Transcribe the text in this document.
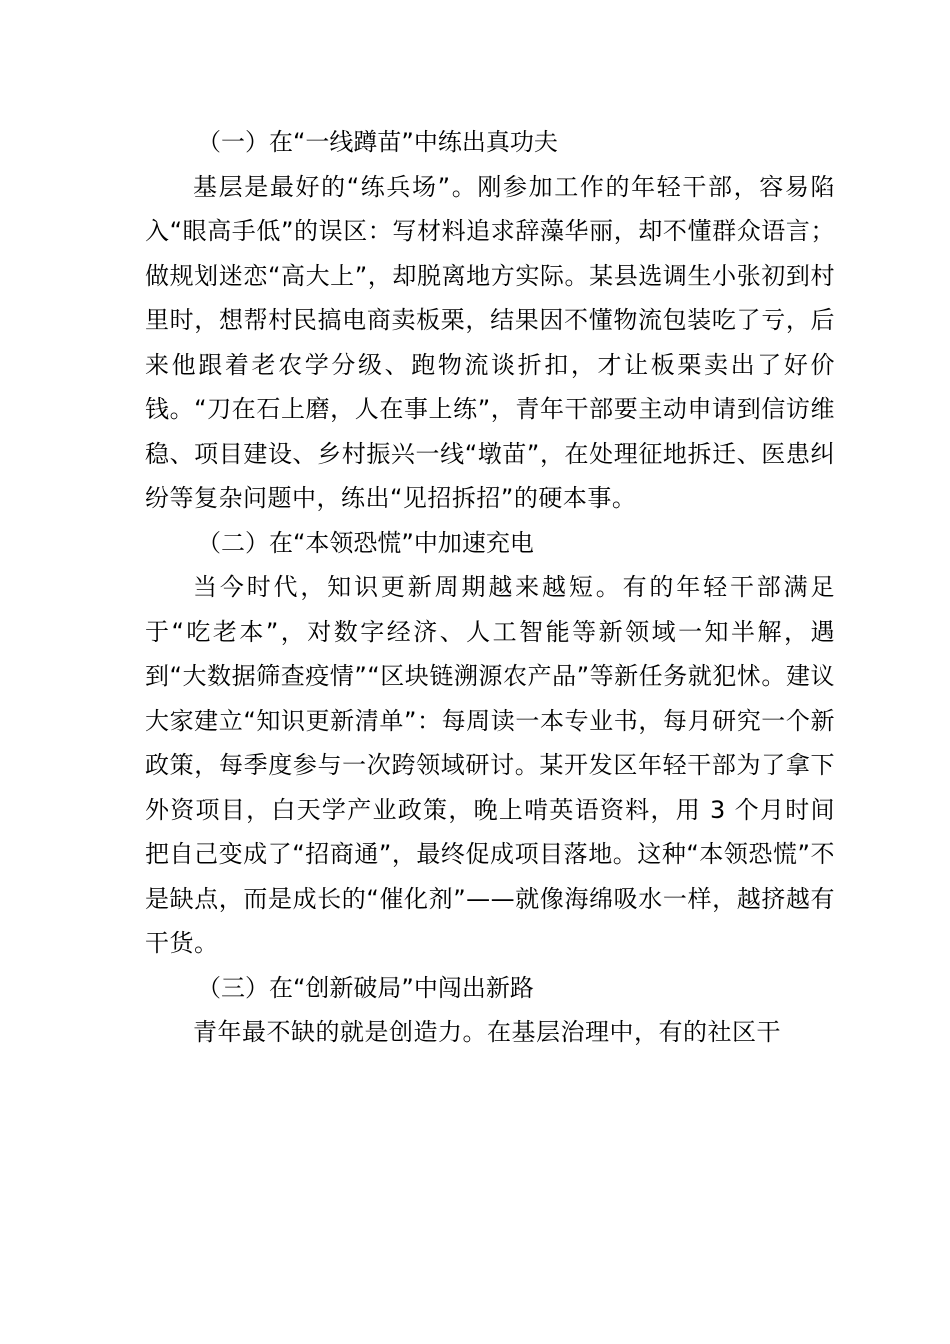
（一）在“一线蹲苗”中练出真功夫

基层是最好的“练兵场”。刚参加工作的年轻干部，容易陷入“眼高手低”的误区：写材料追求辞藻华丽，却不懂群众语言；做规划迷恋“高大上”，却脱离地方实际。某县选调生小张初到村里时，想帮村民搞电商卖板栗，结果因不懂物流包装吃了亏，后来他跟着老农学分级、跑物流谈折扣，才让板栗卖出了好价钱。“刀在石上磨，人在事上练”，青年干部要主动申请到信访维稳、项目建设、乡村振兴一线“墩苗”，在处理征地拆迁、医患纠纷等复杂问题中，练出“见招拆招”的硬本事。

（二）在“本领恐慌”中加速充电

当今时代，知识更新周期越来越短。有的年轻干部满足于“吃老本”，对数字经济、人工智能等新领域一知半解，遇到“大数据筛查疫情”“区块链溯源农产品”等新任务就犯怵。建议大家建立“知识更新清单”：每周读一本专业书，每月研究一个新政策，每季度参与一次跨领域研讨。某开发区年轻干部为了拿下外资项目，白天学产业政策，晚上啃英语资料，用 3 个月时间把自己变成了“招商通”，最终促成项目落地。这种“本领恐慌”不是缺点，而是成长的“催化剂”——就像海绵吸水一样，越挤越有干货。

（三）在“创新破局”中闯出新路

青年最不缺的就是创造力。在基层治理中，有的社区干
